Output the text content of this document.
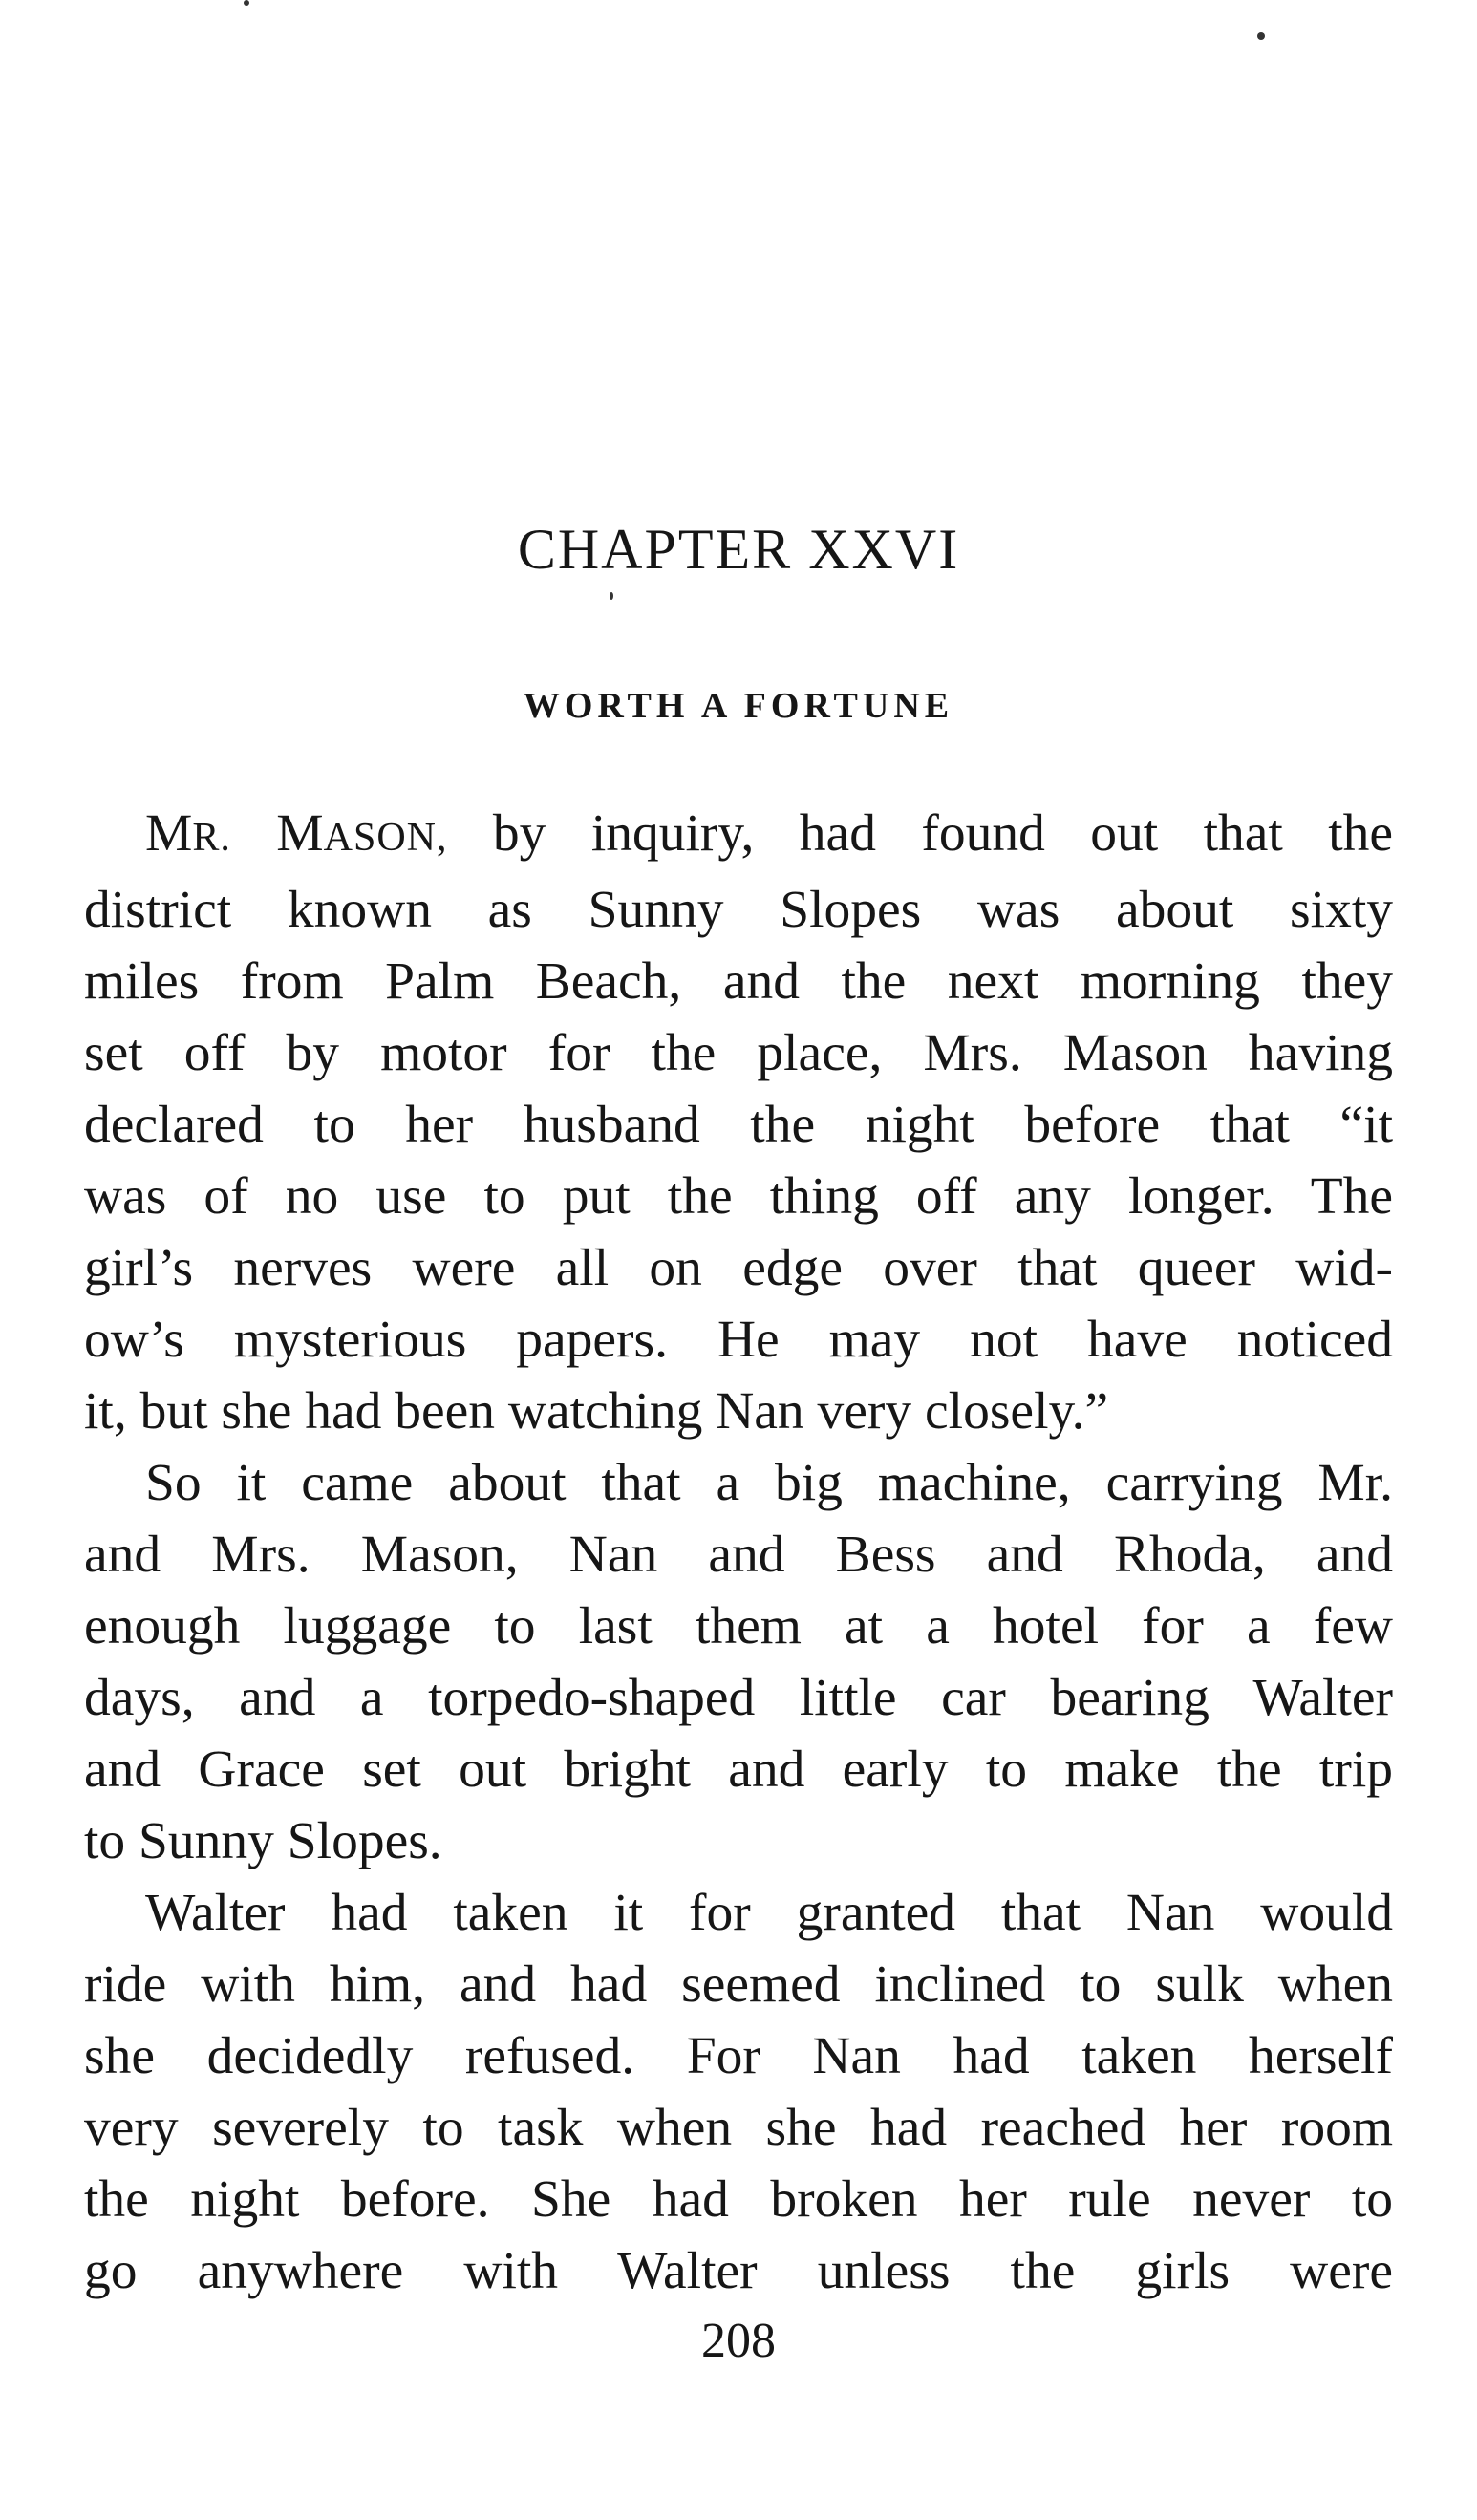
CHAPTER XXVI
WORTH A FORTUNE

MR. MASON, by inquiry, had found out that the
district known as Sunny Slopes was about sixty
miles from Palm Beach, and the next morning they
set off by motor for the place, Mrs. Mason having
declared to her husband the night before that “it
was of no use to put the thing off any longer. The
girl’s nerves were all on edge over that queer wid-
ow’s mysterious papers. He may not have noticed
it, but she had been watching Nan very closely.”

So it came about that a big machine, carrying Mr.
and Mrs. Mason, Nan and Bess and Rhoda, and
enough luggage to last them at a hotel for a few
days, and a torpedo-shaped little car bearing Walter
and Grace set out bright and early to make the trip
to Sunny Slopes.

Walter had taken it for granted that Nan would
ride with him, and had seemed inclined to sulk when
she decidedly refused. For Nan had taken herself
very severely to task when she had reached her room
the night before. She had broken her rule never to
go anywhere with Walter unless the girls were

208
